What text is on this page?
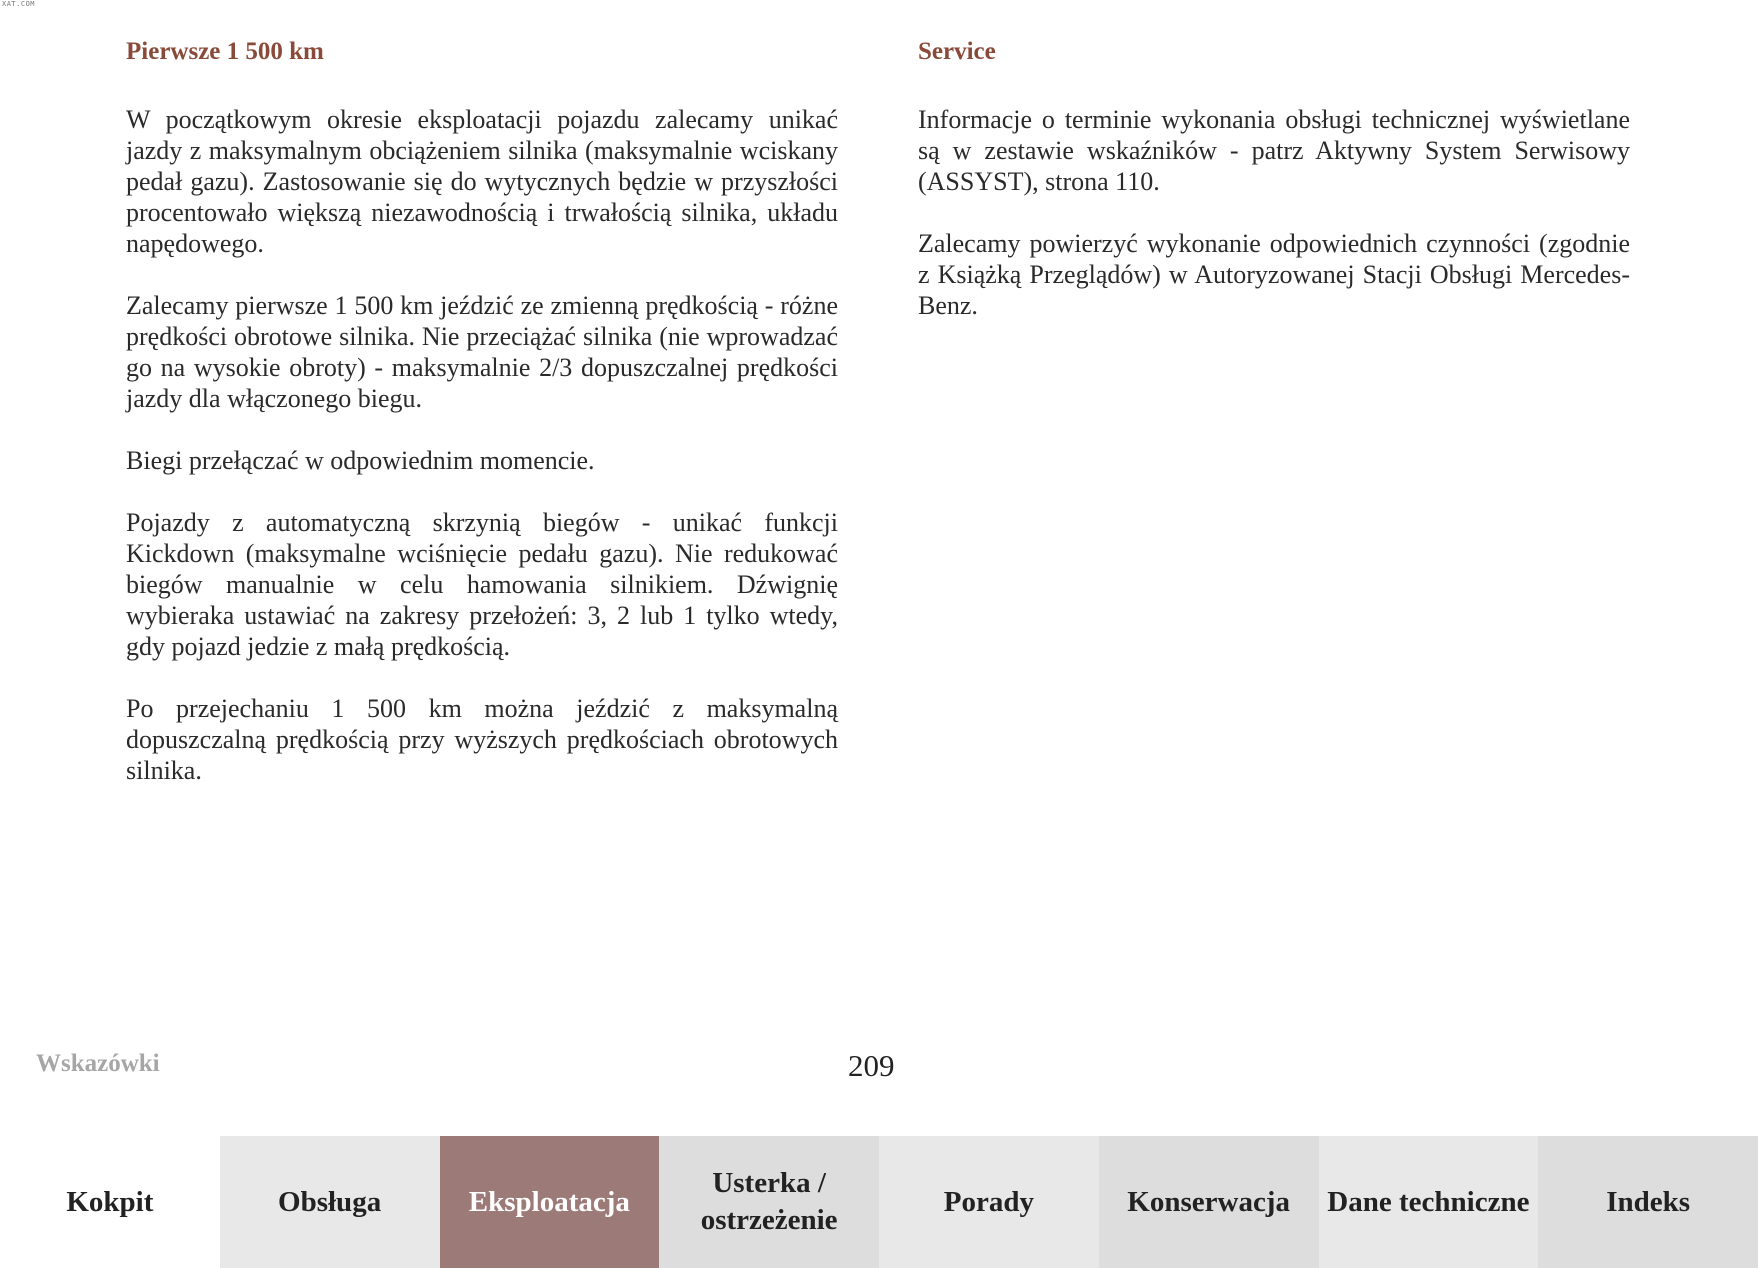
XAT.COM
Pierwsze 1 500 km

W początkowym okresie eksploatacji pojazdu zalecamy unikać jazdy z maksymalnym obciążeniem silnika (maksymalnie wciskany pedał gazu). Zastosowanie się do wytycznych będzie w przyszłości procentowało większą niezawodnością i trwałością silnika, układu napędowego.

Zalecamy pierwsze 1 500 km jeździć ze zmienną prędkością - różne prędkości obrotowe silnika. Nie przeciążać silnika (nie wprowadzać go na wysokie obroty) - maksymalnie 2/3 dopuszczalnej prędkości jazdy dla włączonego biegu.

Biegi przełączać w odpowiednim momencie.

Pojazdy z automatyczną skrzynią biegów - unikać funkcji Kickdown (maksymalne wciśnięcie pedału gazu). Nie redukować biegów manualnie w celu hamowania silnikiem. Dźwignię wybieraka ustawiać na zakresy przełożeń: 3, 2 lub 1 tylko wtedy, gdy pojazd jedzie z małą prędkością.

Po przejechaniu 1 500 km można jeździć z maksymalną dopuszczalną prędkością przy wyższych prędkościach obrotowych silnika.

Service

Informacje o terminie wykonania obsługi technicznej wyświetlane są w zestawie wskaźników - patrz Aktywny System Serwisowy (ASSYST), strona 110.

Zalecamy powierzyć wykonanie odpowiednich czynności (zgodnie z Książką Przeglądów) w Autoryzowanej Stacji Obsługi Mercedes-Benz.

Wskazówki	209
Kokpit	Obsługa	Eksploatacja
Usterka / ostrzeżenie
Porady	Konserwacja	Dane techniczne	Indeks
